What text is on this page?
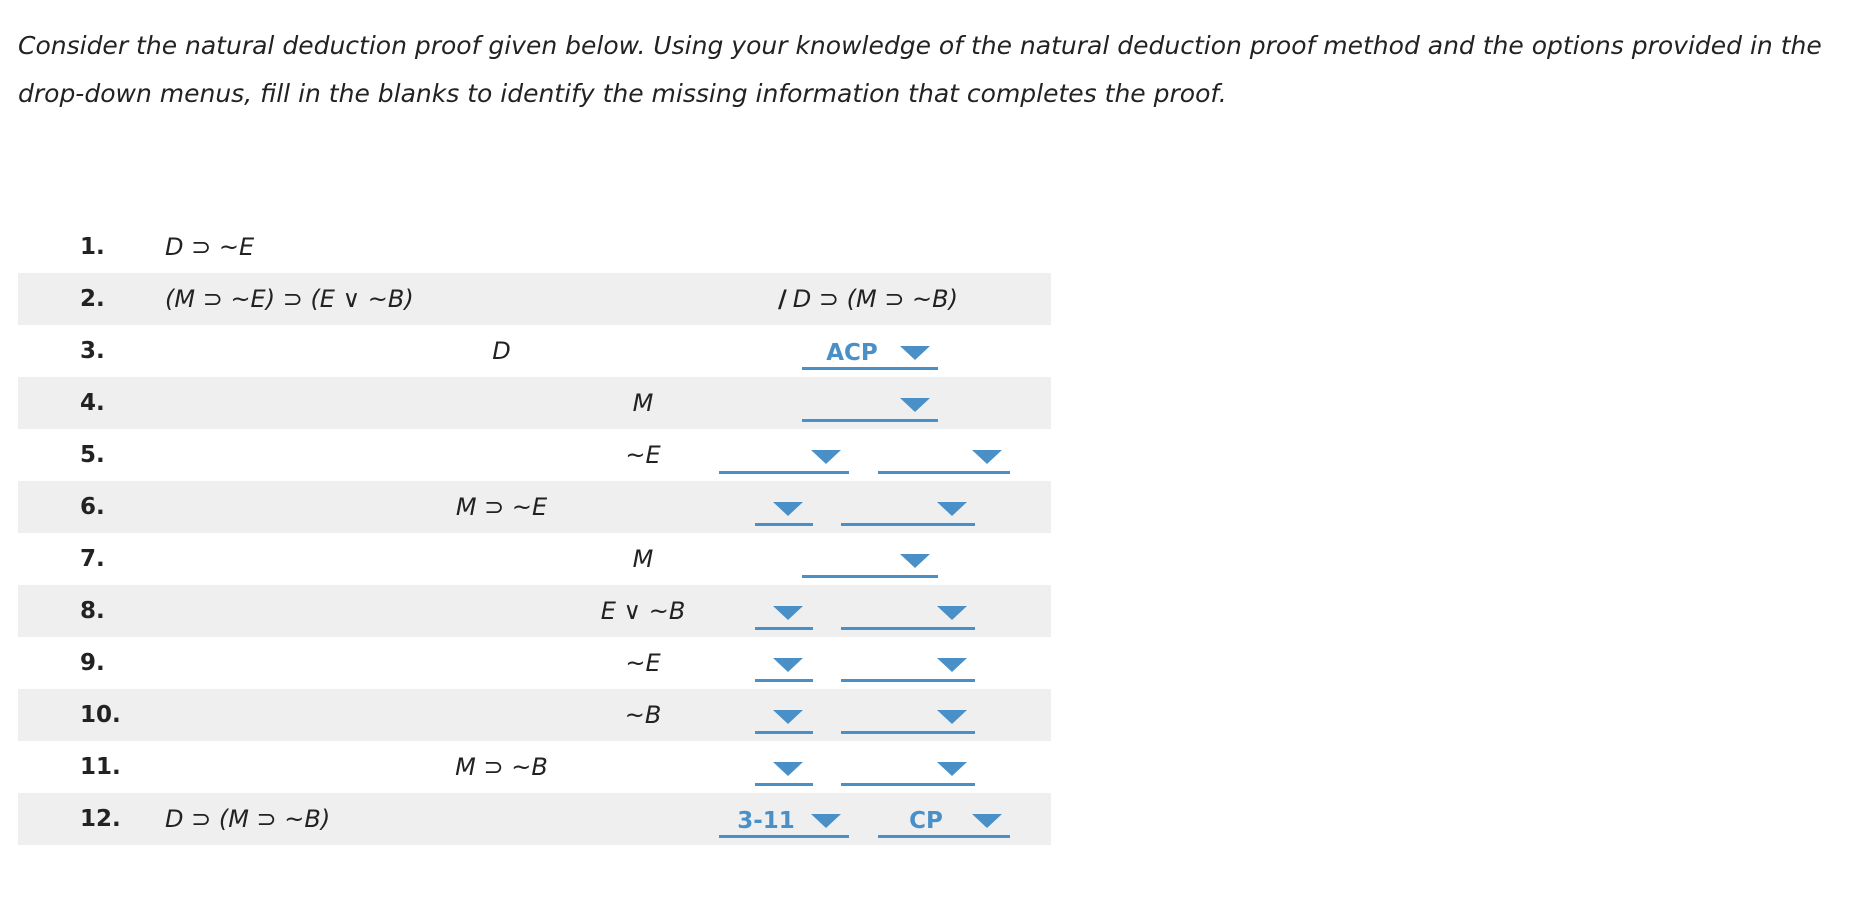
Consider the natural deduction proof given below. Using your knowledge of the natural deduction proof method and the options provided in the drop-down menus, fill in the blanks to identify the missing information that completes the proof.

1.	D ⊃ ~E
2.	(M ⊃ ~E) ⊃ (E ∨ ~B)	/ D ⊃ (M ⊃ ~B)
3.	D	ACP
4.	M
5.	~E
6.	M ⊃ ~E
7.	M
8.	E ∨ ~B
9.	~E
10.	~B
11.	M ⊃ ~B
12. D ⊃ (M ⊃ ~B)	3-11	CP
